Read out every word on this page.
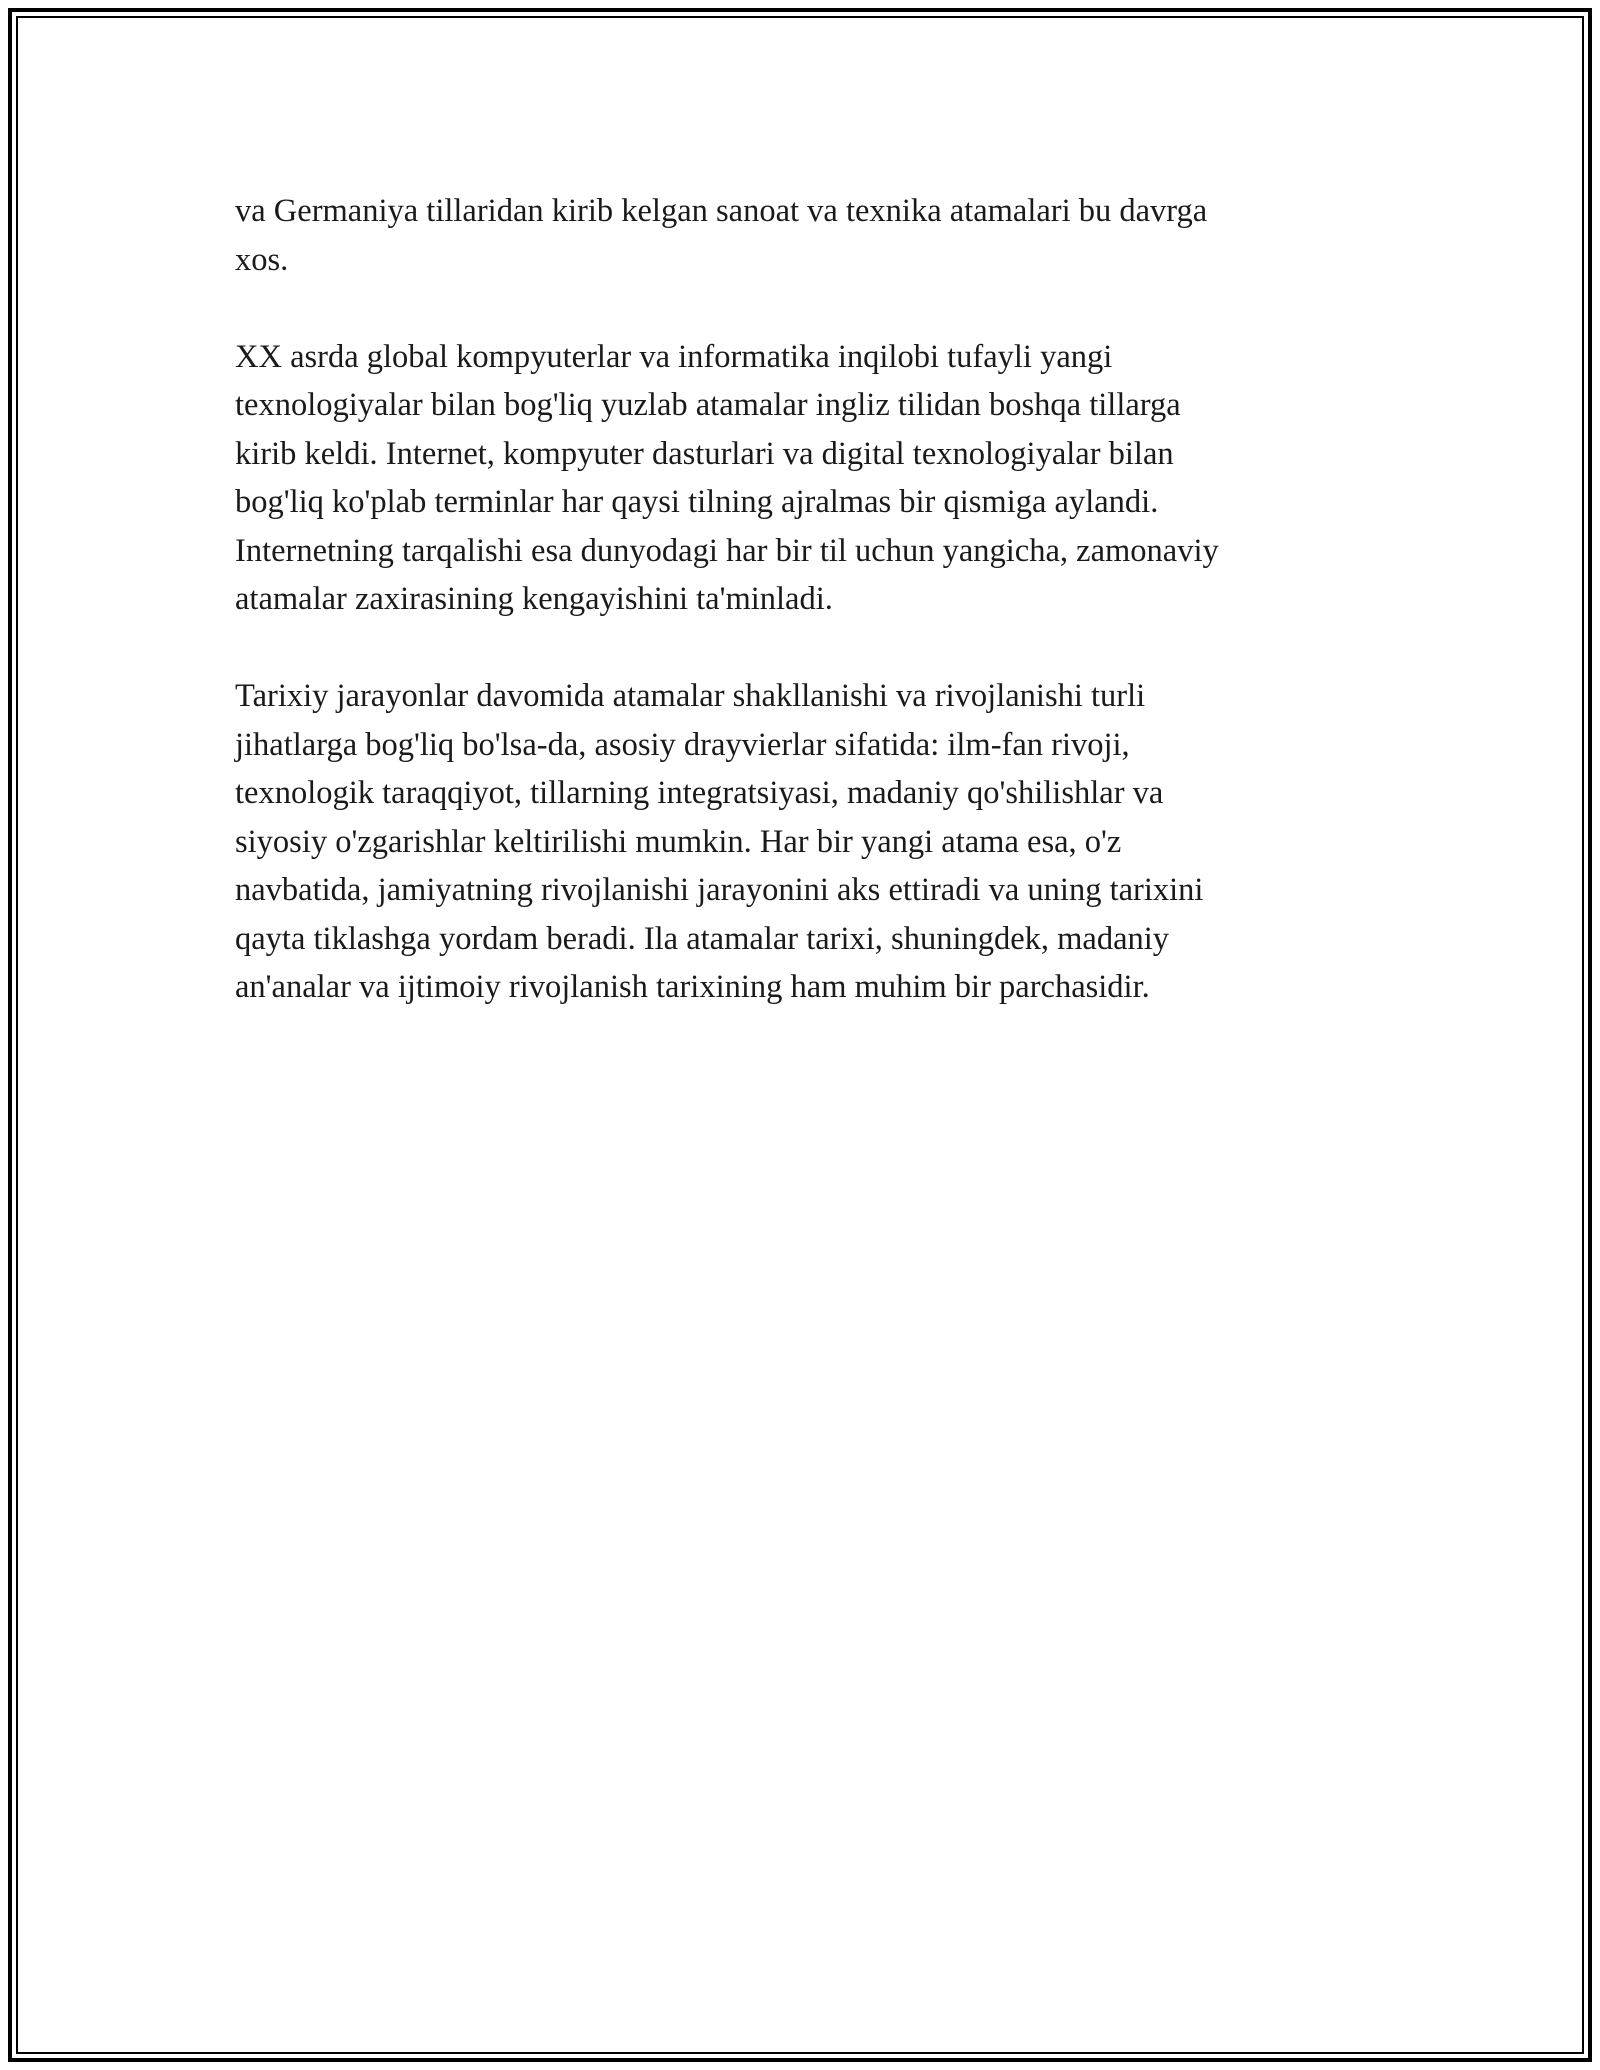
va Germaniya tillaridan kirib kelgan sanoat va texnika atamalari bu davrga
xos.

XX asrda global kompyuterlar va informatika inqilobi tufayli yangi
texnologiyalar bilan bog'liq yuzlab atamalar ingliz tilidan boshqa tillarga
kirib keldi. Internet, kompyuter dasturlari va digital texnologiyalar bilan
bog'liq ko'plab terminlar har qaysi tilning ajralmas bir qismiga aylandi.
Internetning tarqalishi esa dunyodagi har bir til uchun yangicha, zamonaviy
atamalar zaxirasining kengayishini ta'minladi.

Tarixiy jarayonlar davomida atamalar shakllanishi va rivojlanishi turli
jihatlarga bog'liq bo'lsa-da, asosiy drayvierlar sifatida: ilm-fan rivoji,
texnologik taraqqiyot, tillarning integratsiyasi, madaniy qo'shilishlar va
siyosiy o'zgarishlar keltirilishi mumkin. Har bir yangi atama esa, o'z
navbatida, jamiyatning rivojlanishi jarayonini aks ettiradi va uning tarixini
qayta tiklashga yordam beradi. Ila atamalar tarixi, shuningdek, madaniy
an'analar va ijtimoiy rivojlanish tarixining ham muhim bir parchasidir.
